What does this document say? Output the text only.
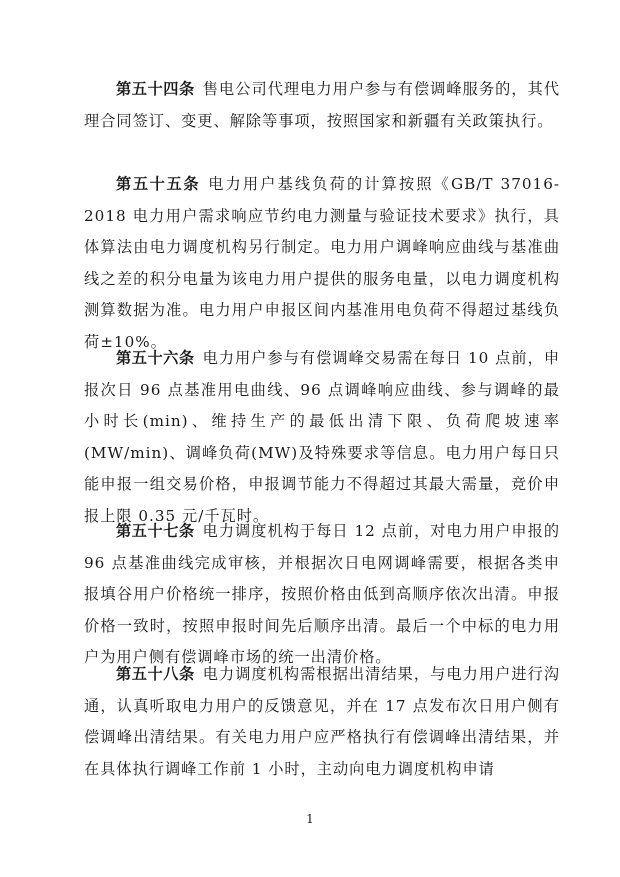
第五十四条 售电公司代理电力用户参与有偿调峰服务的，其代理合同签订、变更、解除等事项，按照国家和新疆有关政策执行。

第五十五条 电力用户基线负荷的计算按照《GB/T 37016-2018 电力用户需求响应节约电力测量与验证技术要求》执行，具体算法由电力调度机构另行制定。电力用户调峰响应曲线与基准曲线之差的积分电量为该电力用户提供的服务电量，以电力调度机构测算数据为准。电力用户申报区间内基准用电负荷不得超过基线负荷±10%。

第五十六条 电力用户参与有偿调峰交易需在每日 10 点前，申报次日 96 点基准用电曲线、96 点调峰响应曲线、参与调峰的最小时长(min)、维持生产的最低出清下限、负荷爬坡速率(MW/min)、调峰负荷(MW)及特殊要求等信息。电力用户每日只能申报一组交易价格，申报调节能力不得超过其最大需量，竞价申报上限 0.35 元/千瓦时。

第五十七条 电力调度机构于每日 12 点前，对电力用户申报的 96 点基准曲线完成审核，并根据次日电网调峰需要，根据各类申报填谷用户价格统一排序，按照价格由低到高顺序依次出清。申报价格一致时，按照申报时间先后顺序出清。最后一个中标的电力用户为用户侧有偿调峰市场的统一出清价格。

第五十八条 电力调度机构需根据出清结果，与电力用户进行沟通，认真听取电力用户的反馈意见，并在 17 点发布次日用户侧有偿调峰出清结果。有关电力用户应严格执行有偿调峰出清结果，并在具体执行调峰工作前 1 小时，主动向电力调度机构申请

1
